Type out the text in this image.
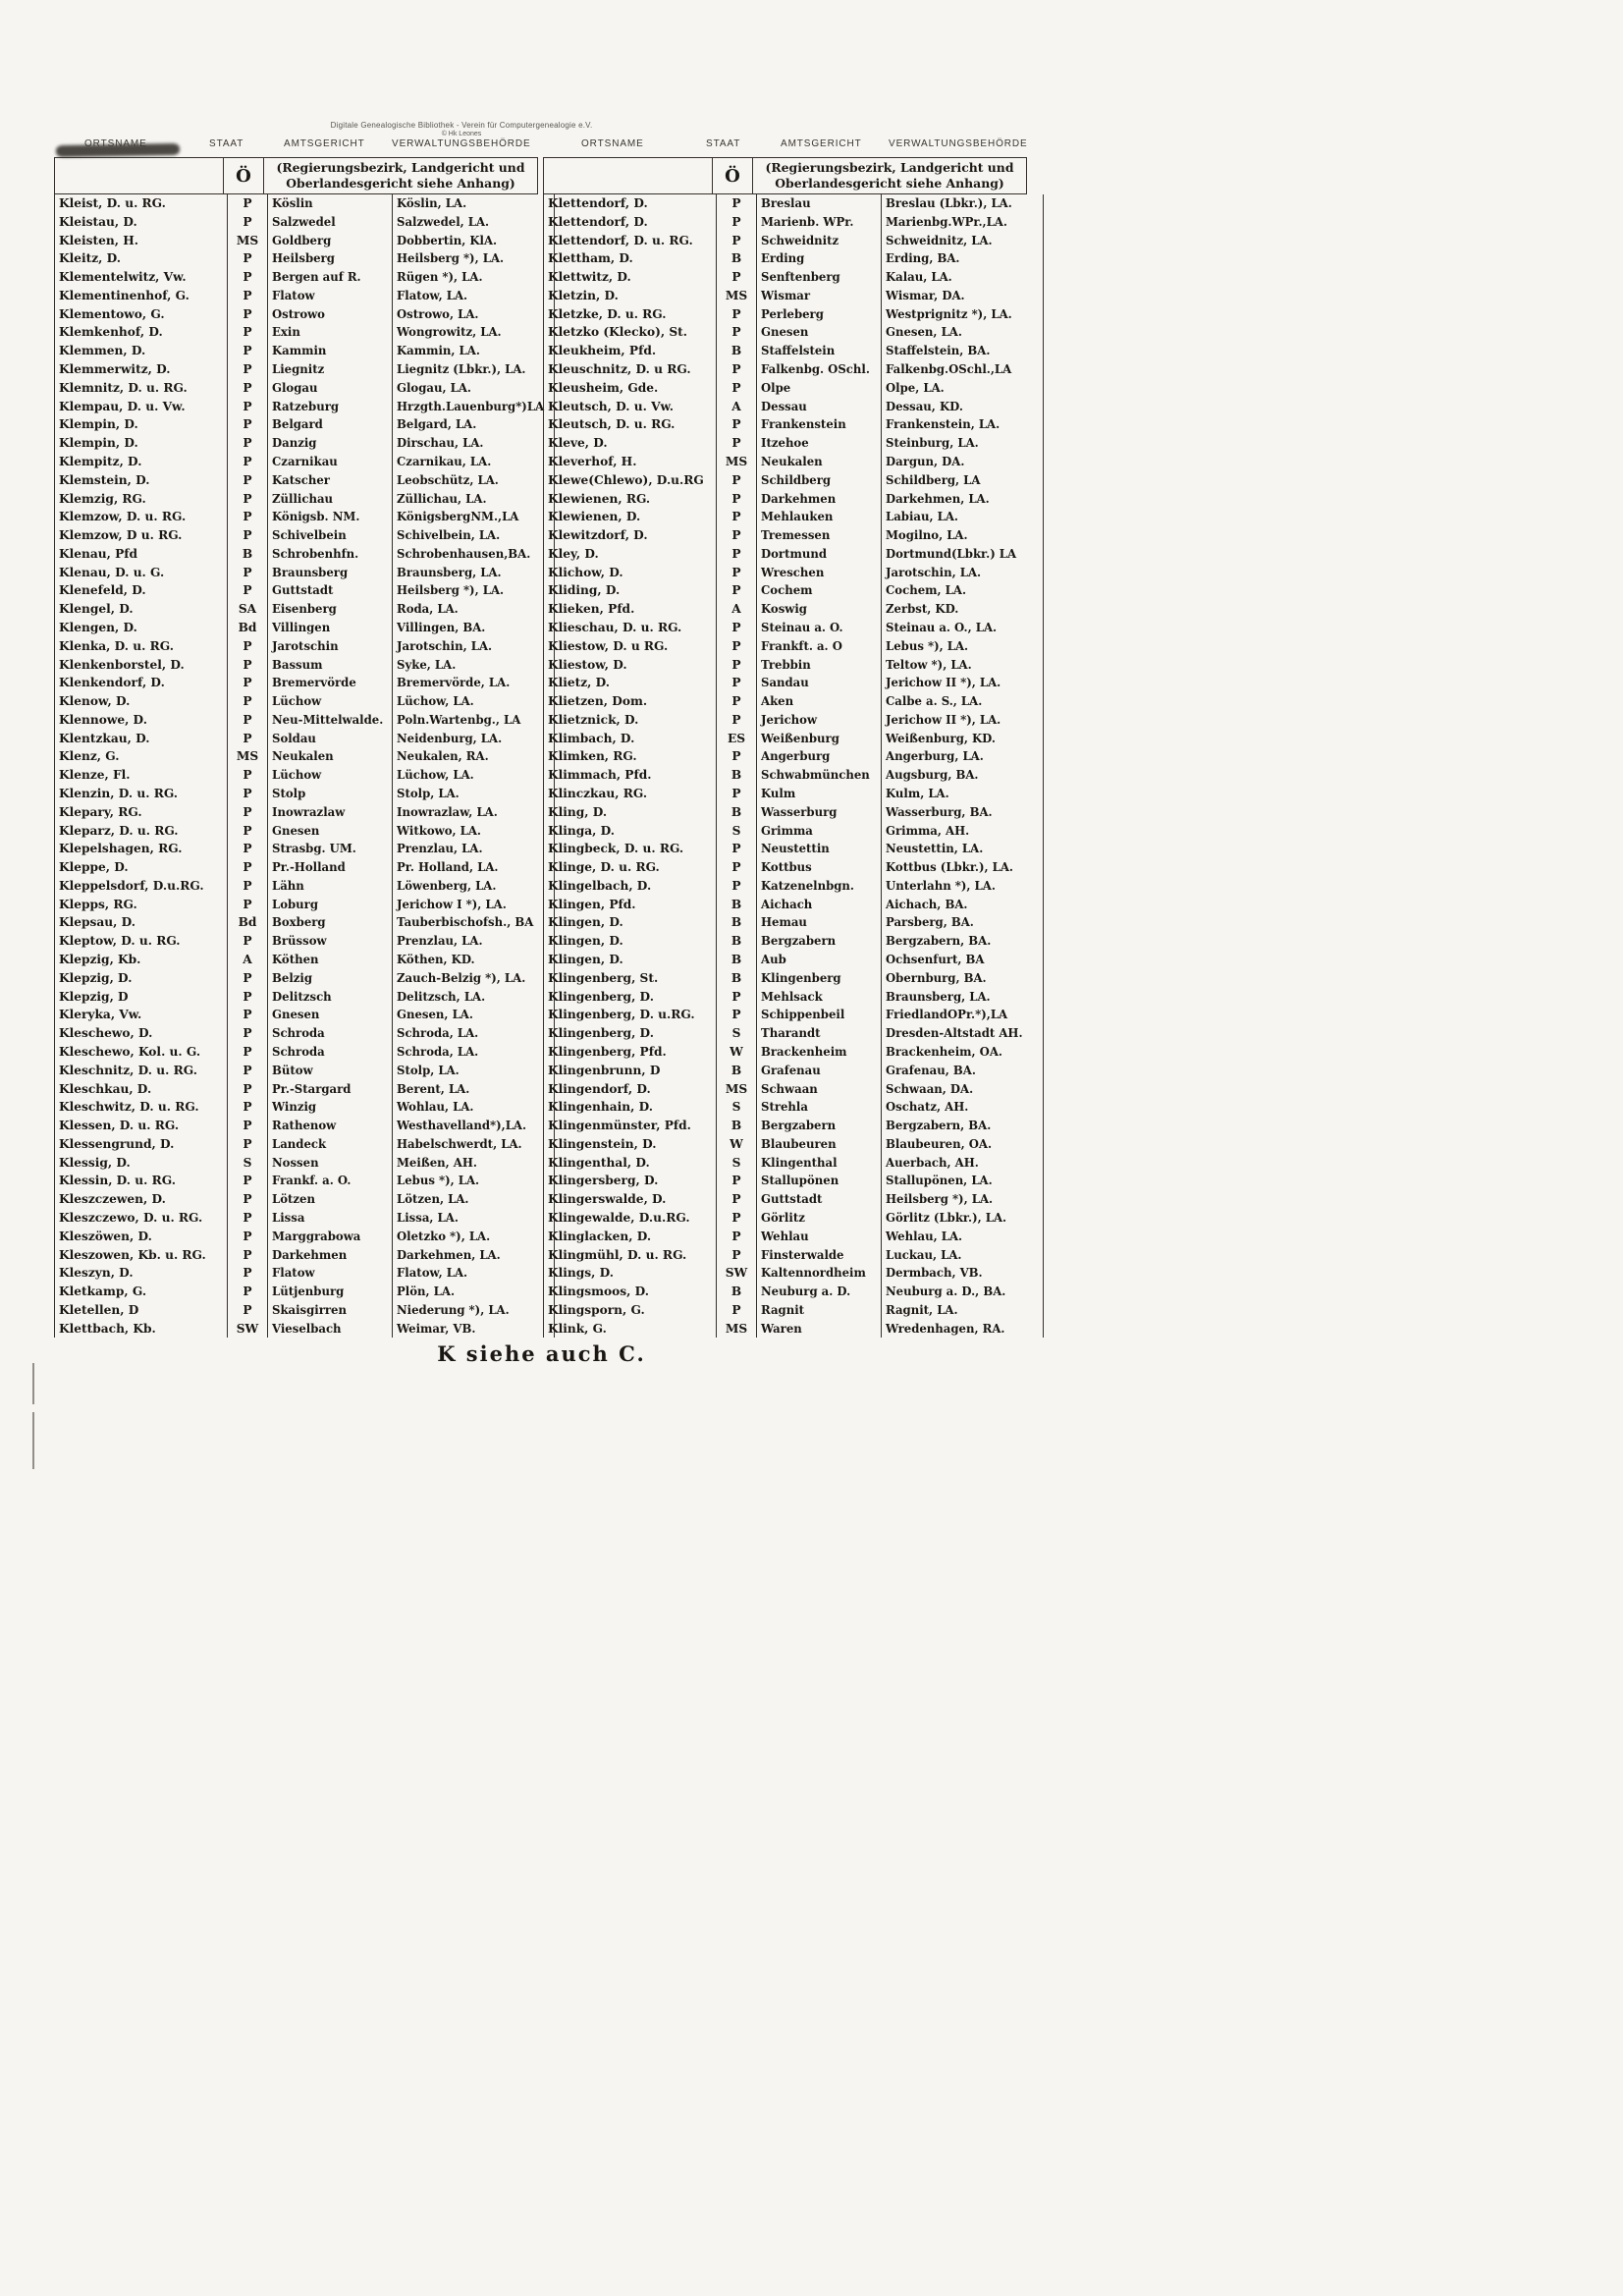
Digitale Genealogische Bibliothek - Verein für Computergenealogie e.V.
© Hk Leones
ORTSNAME	STAAT	AMTSGERICHT	VERWALTUNGSBEHÖRDE	ORTSNAME	STAAT	AMTSGERICHT	VERWALTUNGSBEHÖRDE
Ö	(Regierungsbezirk, Landgericht und
Oberlandesgericht siehe Anhang)	Ö	(Regierungsbezirk, Landgericht und
Oberlandesgericht siehe Anhang)
Kleist, D. u. RG.	P	Köslin	Köslin, LA.
Kleistau, D.	P	Salzwedel	Salzwedel, LA.
Kleisten, H.	MS	Goldberg	Dobbertin, KlA.
Kleitz, D.	P	Heilsberg	Heilsberg *), LA.
Klementelwitz, Vw.	P	Bergen auf R.	Rügen *), LA.
Klementinenhof, G.	P	Flatow	Flatow, LA.
Klementowo, G.	P	Ostrowo	Ostrowo, LA.
Klemkenhof, D.	P	Exin	Wongrowitz, LA.
Klemmen, D.	P	Kammin	Kammin, LA.
Klemmerwitz, D.	P	Liegnitz	Liegnitz (Lbkr.), LA.
Klemnitz, D. u. RG.	P	Glogau	Glogau, LA.
Klempau, D. u. Vw.	P	Ratzeburg	Hrzgth.Lauenburg*)LA
Klempin, D.	P	Belgard	Belgard, LA.
Klempin, D.	P	Danzig	Dirschau, LA.
Klempitz, D.	P	Czarnikau	Czarnikau, LA.
Klemstein, D.	P	Katscher	Leobschütz, LA.
Klemzig, RG.	P	Züllichau	Züllichau, LA.
Klemzow, D. u. RG.	P	Königsb. NM.	KönigsbergNM.,LA
Klemzow, D u. RG.	P	Schivelbein	Schivelbein, LA.
Klenau, Pfd	B	Schrobenhfn.	Schrobenhausen,BA.
Klenau, D. u. G.	P	Braunsberg	Braunsberg, LA.
Klenefeld, D.	P	Guttstadt	Heilsberg *), LA.
Klengel, D.	SA	Eisenberg	Roda, LA.
Klengen, D.	Bd	Villingen	Villingen, BA.
Klenka, D. u. RG.	P	Jarotschin	Jarotschin, LA.
Klenkenborstel, D.	P	Bassum	Syke, LA.
Klenkendorf, D.	P	Bremervörde	Bremervörde, LA.
Klenow, D.	P	Lüchow	Lüchow, LA.
Klennowe, D.	P	Neu-Mittelwalde.	Poln.Wartenbg., LA
Klentzkau, D.	P	Soldau	Neidenburg, LA.
Klenz, G.	MS	Neukalen	Neukalen, RA.
Klenze, Fl.	P	Lüchow	Lüchow, LA.
Klenzin, D. u. RG.	P	Stolp	Stolp, LA.
Klepary, RG.	P	Inowrazlaw	Inowrazlaw, LA.
Kleparz, D. u. RG.	P	Gnesen	Witkowo, LA.
Klepelshagen, RG.	P	Strasbg. UM.	Prenzlau, LA.
Kleppe, D.	P	Pr.-Holland	Pr. Holland, LA.
Kleppelsdorf, D.u.RG.	P	Lähn	Löwenberg, LA.
Klepps, RG.	P	Loburg	Jerichow I *), LA.
Klepsau, D.	Bd	Boxberg	Tauberbischofsh., BA
Kleptow, D. u. RG.	P	Brüssow	Prenzlau, LA.
Klepzig, Kb.	A	Köthen	Köthen, KD.
Klepzig, D.	P	Belzig	Zauch-Belzig *), LA.
Klepzig, D	P	Delitzsch	Delitzsch, LA.
Kleryka, Vw.	P	Gnesen	Gnesen, LA.
Kleschewo, D.	P	Schroda	Schroda, LA.
Kleschewo, Kol. u. G.	P	Schroda	Schroda, LA.
Kleschnitz, D. u. RG.	P	Bütow	Stolp, LA.
Kleschkau, D.	P	Pr.-Stargard	Berent, LA.
Kleschwitz, D. u. RG.	P	Winzig	Wohlau, LA.
Klessen, D. u. RG.	P	Rathenow	Westhavelland*),LA.
Klessengrund, D.	P	Landeck	Habelschwerdt, LA.
Klessig, D.	S	Nossen	Meißen, AH.
Klessin, D. u. RG.	P	Frankf. a. O.	Lebus *), LA.
Kleszczewen, D.	P	Lötzen	Lötzen, LA.
Kleszczewo, D. u. RG.	P	Lissa	Lissa, LA.
Kleszöwen, D.	P	Marggrabowa	Oletzko *), LA.
Kleszowen, Kb. u. RG.	P	Darkehmen	Darkehmen, LA.
Kleszyn, D.	P	Flatow	Flatow, LA.
Kletkamp, G.	P	Lütjenburg	Plön, LA.
Kletellen, D	P	Skaisgirren	Niederung *), LA.
Klettbach, Kb.	SW	Vieselbach	Weimar, VB.
Klettendorf, D.	P	Breslau	Breslau (Lbkr.), LA.
Klettendorf, D.	P	Marienb. WPr.	Marienbg.WPr.,LA.
Klettendorf, D. u. RG.	P	Schweidnitz	Schweidnitz, LA.
Klettham, D.	B	Erding	Erding, BA.
Klettwitz, D.	P	Senftenberg	Kalau, LA.
Kletzin, D.	MS	Wismar	Wismar, DA.
Kletzke, D. u. RG.	P	Perleberg	Westprignitz *), LA.
Kletzko (Klecko), St.	P	Gnesen	Gnesen, LA.
Kleukheim, Pfd.	B	Staffelstein	Staffelstein, BA.
Kleuschnitz, D. u RG.	P	Falkenbg. OSchl.	Falkenbg.OSchl.,LA
Kleusheim, Gde.	P	Olpe	Olpe, LA.
Kleutsch, D. u. Vw.	A	Dessau	Dessau, KD.
Kleutsch, D. u. RG.	P	Frankenstein	Frankenstein, LA.
Kleve, D.	P	Itzehoe	Steinburg, LA.
Kleverhof, H.	MS	Neukalen	Dargun, DA.
Klewe(Chlewo), D.u.RG	P	Schildberg	Schildberg, LA
Klewienen, RG.	P	Darkehmen	Darkehmen, LA.
Klewienen, D.	P	Mehlauken	Labiau, LA.
Klewitzdorf, D.	P	Tremessen	Mogilno, LA.
Kley, D.	P	Dortmund	Dortmund(Lbkr.) LA
Klichow, D.	P	Wreschen	Jarotschin, LA.
Kliding, D.	P	Cochem	Cochem, LA.
Klieken, Pfd.	A	Koswig	Zerbst, KD.
Klieschau, D. u. RG.	P	Steinau a. O.	Steinau a. O., LA.
Kliestow, D. u RG.	P	Frankft. a. O	Lebus *), LA.
Kliestow, D.	P	Trebbin	Teltow *), LA.
Klietz, D.	P	Sandau	Jerichow II *), LA.
Klietzen, Dom.	P	Aken	Calbe a. S., LA.
Klietznick, D.	P	Jerichow	Jerichow II *), LA.
Klimbach, D.	ES	Weißenburg	Weißenburg, KD.
Klimken, RG.	P	Angerburg	Angerburg, LA.
Klimmach, Pfd.	B	Schwabmünchen	Augsburg, BA.
Klinczkau, RG.	P	Kulm	Kulm, LA.
Kling, D.	B	Wasserburg	Wasserburg, BA.
Klinga, D.	S	Grimma	Grimma, AH.
Klingbeck, D. u. RG.	P	Neustettin	Neustettin, LA.
Klinge, D. u. RG.	P	Kottbus	Kottbus (Lbkr.), LA.
Klingelbach, D.	P	Katzenelnbgn.	Unterlahn *), LA.
Klingen, Pfd.	B	Aichach	Aichach, BA.
Klingen, D.	B	Hemau	Parsberg, BA.
Klingen, D.	B	Bergzabern	Bergzabern, BA.
Klingen, D.	B	Aub	Ochsenfurt, BA
Klingenberg, St.	B	Klingenberg	Obernburg, BA.
Klingenberg, D.	P	Mehlsack	Braunsberg, LA.
Klingenberg, D. u.RG.	P	Schippenbeil	FriedlandOPr.*),LA
Klingenberg, D.	S	Tharandt	Dresden-Altstadt AH.
Klingenberg, Pfd.	W	Brackenheim	Brackenheim, OA.
Klingenbrunn, D	B	Grafenau	Grafenau, BA.
Klingendorf, D.	MS	Schwaan	Schwaan, DA.
Klingenhain, D.	S	Strehla	Oschatz, AH.
Klingenmünster, Pfd.	B	Bergzabern	Bergzabern, BA.
Klingenstein, D.	W	Blaubeuren	Blaubeuren, OA.
Klingenthal, D.	S	Klingenthal	Auerbach, AH.
Klingersberg, D.	P	Stallupönen	Stallupönen, LA.
Klingerswalde, D.	P	Guttstadt	Heilsberg *), LA.
Klingewalde, D.u.RG.	P	Görlitz	Görlitz (Lbkr.), LA.
Klinglacken, D.	P	Wehlau	Wehlau, LA.
Klingmühl, D. u. RG.	P	Finsterwalde	Luckau, LA.
Klings, D.	SW	Kaltennordheim	Dermbach, VB.
Klingsmoos, D.	B	Neuburg a. D.	Neuburg a. D., BA.
Klingsporn, G.	P	Ragnit	Ragnit, LA.
Klink, G.	MS	Waren	Wredenhagen, RA.
K siehe auch C.
